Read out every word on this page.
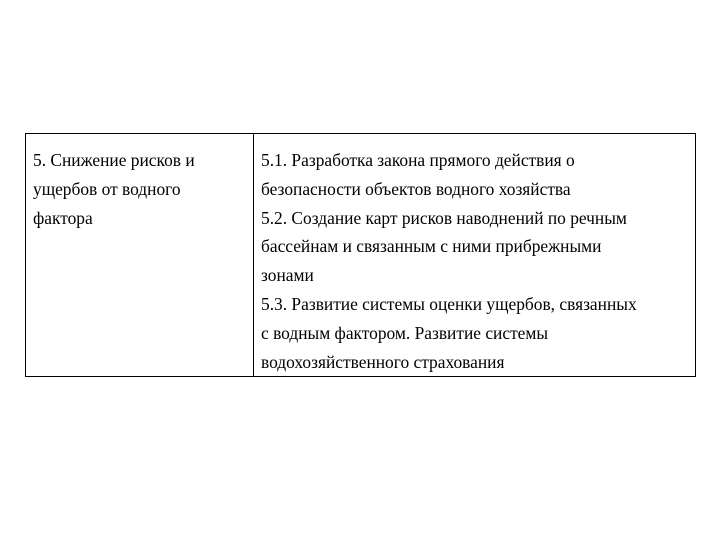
5. Снижение рисков и
ущербов от водного
фактора

5.1. Разработка закона прямого действия о
безопасности объектов водного хозяйства
5.2. Создание карт рисков наводнений по речным
бассейнам и связанным с ними прибрежными
зонами
5.3. Развитие системы оценки ущербов, связанных
с водным фактором. Развитие системы
водохозяйственного страхования
